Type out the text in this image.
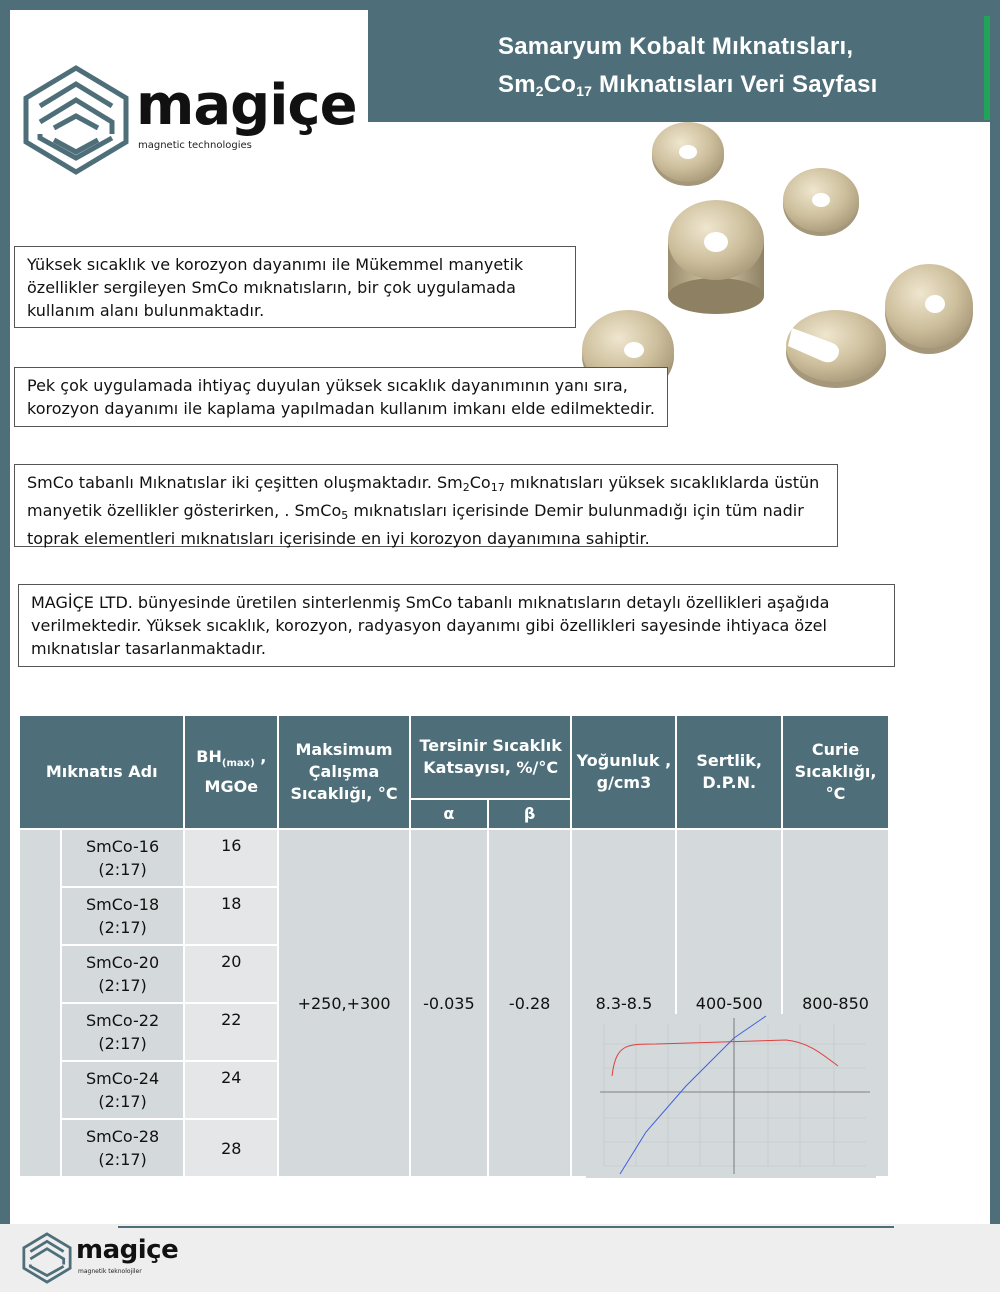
Samaryum Kobalt Mıknatısları,
$Sm_2Co_{17}$ Mıknatısları Veri Sayfası
magiçe
magnetic technologies
Yüksek sıcaklık ve korozyon dayanımı ile Mükemmel manyetik özellikler sergileyen SmCo mıknatısların, bir çok uygulamada kullanım alanı bulunmaktadır.
Pek çok uygulamada ihtiyaç duyulan yüksek sıcaklık dayanımının yanı sıra, korozyon dayanımı ile kaplama yapılmadan kullanım imkanı elde edilmektedir.
SmCo tabanlı Mıknatıslar iki çeşitten oluşmaktadır. $Sm_2Co_{17}$ mıknatısları yüksek sıcaklıklarda üstün manyetik özellikler gösterirken, . SmCo$_5$ mıknatısları içerisinde Demir bulunmadığı için tüm nadir toprak elementleri mıknatısları içerisinde en iyi korozyon dayanımına sahiptir.
MAGİÇE LTD. bünyesinde üretilen sinterlenmiş SmCo tabanlı mıknatısların detaylı özellikleri aşağıda verilmektedir. Yüksek sıcaklık, korozyon, radyasyon dayanımı gibi özellikleri sayesinde ihtiyaca özel mıknatıslar tasarlanmaktadır.
Mıknatıs Adı		$BH_{(max)}$ , MGOe	Maksimum Çalışma Sıcaklığı, °C	Tersinir Sıcaklık Katsayısı, %/°C		Yoğunluk , g/cm3	Sertlik, D.P.N.	Curie Sıcaklığı, °C
				α	β			
	SmCo-16 (2:17)	16	+250,+300	-0.035	-0.28	8.3-8.5	400-500	800-850
	SmCo-18 (2:17)	18						
	SmCo-20 (2:17)	20						
	SmCo-22 (2:17)	22						
	SmCo-24 (2:17)	24						
	SmCo-28 (2:17)	28						
magiçe
magnetik teknolojiler
